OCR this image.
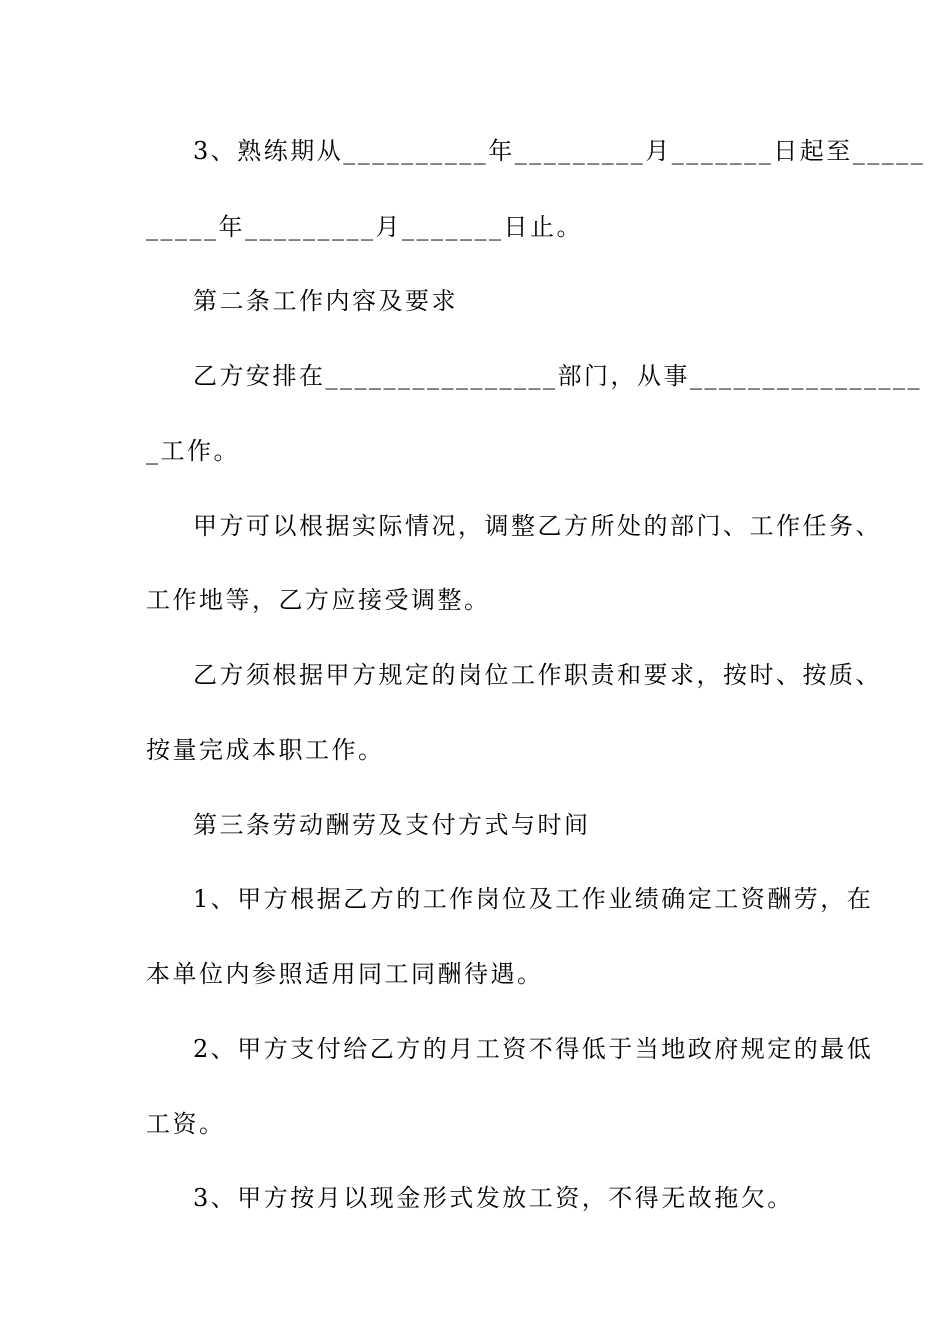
3、熟练期从__________年_________月_______日起至_____
_____年_________月_______日止。
第二条工作内容及要求
乙方安排在________________部门，从事________________
_工作。
甲方可以根据实际情况，调整乙方所处的部门、工作任务、
工作地等，乙方应接受调整。
乙方须根据甲方规定的岗位工作职责和要求，按时、按质、
按量完成本职工作。
第三条劳动酬劳及支付方式与时间
1、甲方根据乙方的工作岗位及工作业绩确定工资酬劳，在
本单位内参照适用同工同酬待遇。
2、甲方支付给乙方的月工资不得低于当地政府规定的最低
工资。
3、甲方按月以现金形式发放工资，不得无故拖欠。
